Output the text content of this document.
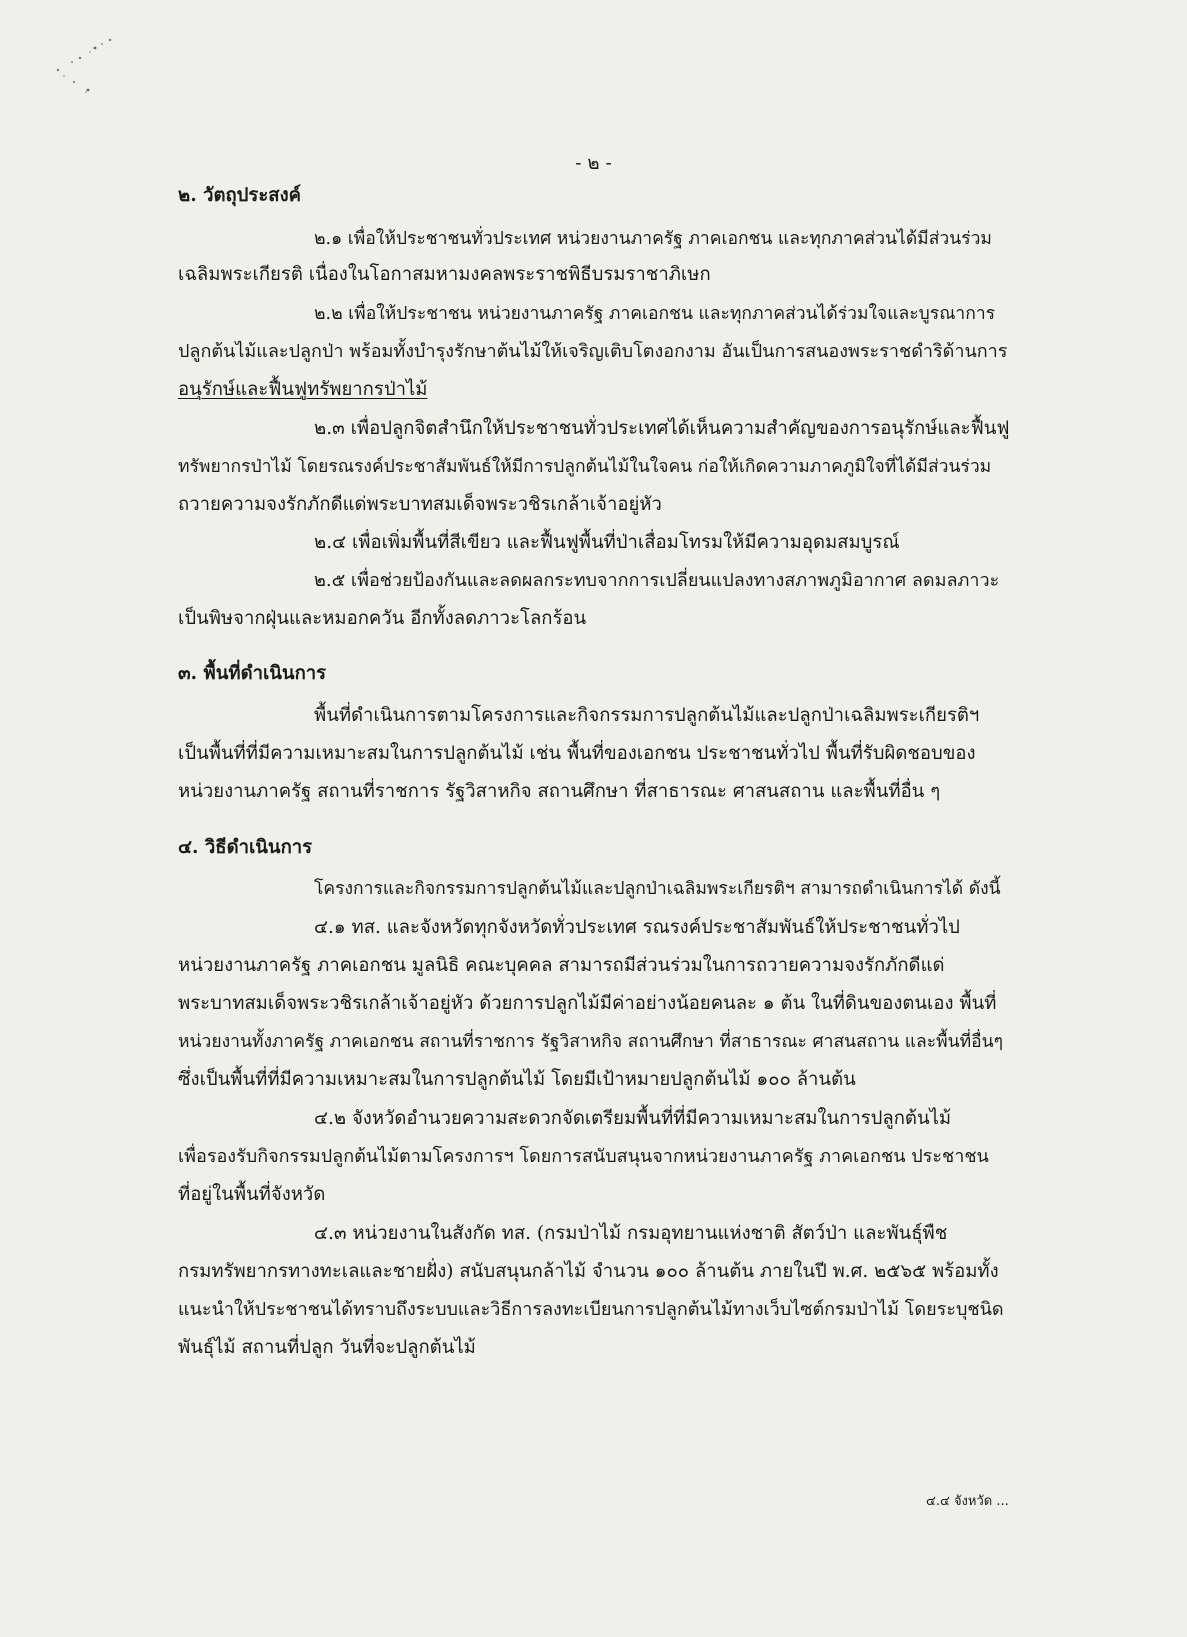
- ๒ -
๒. วัตถุประสงค์
๒.๑ เพื่อให้ประชาชนทั่วประเทศ หน่วยงานภาครัฐ ภาคเอกชน และทุกภาคส่วนได้มีส่วนร่วม
เฉลิมพระเกียรติ เนื่องในโอกาสมหามงคลพระราชพิธีบรมราชาภิเษก
๒.๒ เพื่อให้ประชาชน หน่วยงานภาครัฐ ภาคเอกชน และทุกภาคส่วนได้ร่วมใจและบูรณาการ
ปลูกต้นไม้และปลูกป่า พร้อมทั้งบำรุงรักษาต้นไม้ให้เจริญเติบโตงอกงาม อันเป็นการสนองพระราชดำริด้านการ
อนุรักษ์และฟื้นฟูทรัพยากรป่าไม้
๒.๓ เพื่อปลูกจิตสำนึกให้ประชาชนทั่วประเทศได้เห็นความสำคัญของการอนุรักษ์และฟื้นฟู
ทรัพยากรป่าไม้ โดยรณรงค์ประชาสัมพันธ์ให้มีการปลูกต้นไม้ในใจคน ก่อให้เกิดความภาคภูมิใจที่ได้มีส่วนร่วม
ถวายความจงรักภักดีแด่พระบาทสมเด็จพระวชิรเกล้าเจ้าอยู่หัว
๒.๔ เพื่อเพิ่มพื้นที่สีเขียว และฟื้นฟูพื้นที่ป่าเสื่อมโทรมให้มีความอุดมสมบูรณ์
๒.๕ เพื่อช่วยป้องกันและลดผลกระทบจากการเปลี่ยนแปลงทางสภาพภูมิอากาศ ลดมลภาวะ
เป็นพิษจากฝุ่นและหมอกควัน อีกทั้งลดภาวะโลกร้อน
๓. พื้นที่ดำเนินการ
พื้นที่ดำเนินการตามโครงการและกิจกรรมการปลูกต้นไม้และปลูกป่าเฉลิมพระเกียรติฯ
เป็นพื้นที่ที่มีความเหมาะสมในการปลูกต้นไม้ เช่น พื้นที่ของเอกชน ประชาชนทั่วไป พื้นที่รับผิดชอบของ
หน่วยงานภาครัฐ สถานที่ราชการ รัฐวิสาหกิจ สถานศึกษา ที่สาธารณะ ศาสนสถาน และพื้นที่อื่น ๆ
๔. วิธีดำเนินการ
โครงการและกิจกรรมการปลูกต้นไม้และปลูกป่าเฉลิมพระเกียรติฯ สามารถดำเนินการได้ ดังนี้
๔.๑ ทส. และจังหวัดทุกจังหวัดทั่วประเทศ รณรงค์ประชาสัมพันธ์ให้ประชาชนทั่วไป
หน่วยงานภาครัฐ ภาคเอกชน มูลนิธิ คณะบุคคล สามารถมีส่วนร่วมในการถวายความจงรักภักดีแด่
พระบาทสมเด็จพระวชิรเกล้าเจ้าอยู่หัว ด้วยการปลูกไม้มีค่าอย่างน้อยคนละ ๑ ต้น ในที่ดินของตนเอง พื้นที่
หน่วยงานทั้งภาครัฐ ภาคเอกชน สถานที่ราชการ รัฐวิสาหกิจ สถานศึกษา ที่สาธารณะ ศาสนสถาน และพื้นที่อื่นๆ
ซึ่งเป็นพื้นที่ที่มีความเหมาะสมในการปลูกต้นไม้ โดยมีเป้าหมายปลูกต้นไม้ ๑๐๐ ล้านต้น
๔.๒ จังหวัดอำนวยความสะดวกจัดเตรียมพื้นที่ที่มีความเหมาะสมในการปลูกต้นไม้
เพื่อรองรับกิจกรรมปลูกต้นไม้ตามโครงการฯ โดยการสนับสนุนจากหน่วยงานภาครัฐ ภาคเอกชน ประชาชน
ที่อยู่ในพื้นที่จังหวัด
๔.๓ หน่วยงานในสังกัด ทส. (กรมป่าไม้ กรมอุทยานแห่งชาติ สัตว์ป่า และพันธุ์พืช
กรมทรัพยากรทางทะเลและชายฝั่ง) สนับสนุนกล้าไม้ จำนวน ๑๐๐ ล้านต้น ภายในปี พ.ศ. ๒๕๖๕ พร้อมทั้ง
แนะนำให้ประชาชนได้ทราบถึงระบบและวิธีการลงทะเบียนการปลูกต้นไม้ทางเว็บไซต์กรมป่าไม้ โดยระบุชนิด
พันธุ์ไม้ สถานที่ปลูก วันที่จะปลูกต้นไม้
๔.๔ จังหวัด ...
